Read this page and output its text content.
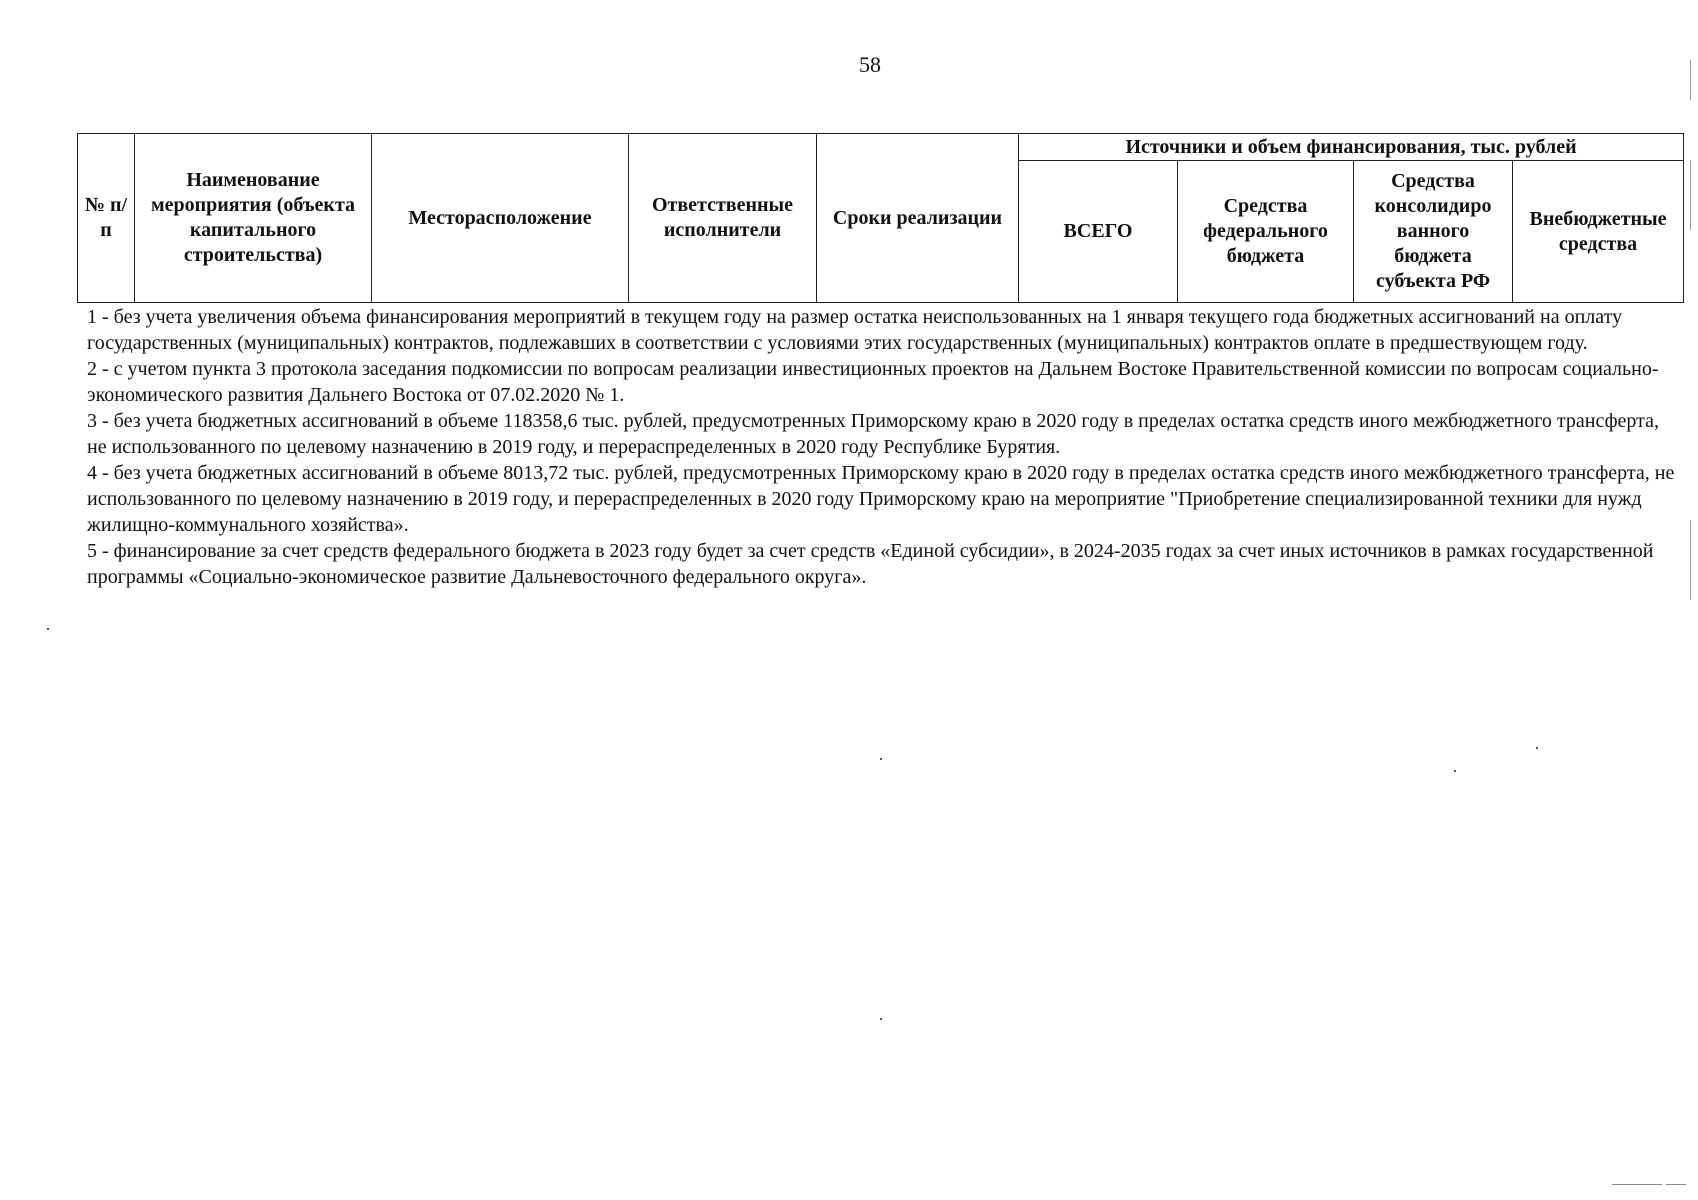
58
№ п/п	Наименование мероприятия (объекта капитального строительства)	Месторасположение	Ответственные исполнители	Сроки реализации	Источники и объем финансирования, тыс. рублей			
					ВСЕГО	Средства федерального бюджета	Средства консолидиро ванного бюджета субъекта РФ	Внебюджетные средства

1 - без учета увеличения объема финансирования мероприятий в текущем году на размер остатка неиспользованных на 1 января текущего года бюджетных ассигнований на оплату государственных (муниципальных) контрактов, подлежавших в соответствии с условиями этих государственных (муниципальных) контрактов оплате в предшествующем году.

2 - с учетом пункта 3 протокола заседания подкомиссии по вопросам реализации инвестиционных проектов на Дальнем Востоке Правительственной комиссии по вопросам социально-экономического развития Дальнего Востока от 07.02.2020 № 1.

3 - без учета бюджетных ассигнований в объеме 118358,6 тыс. рублей, предусмотренных Приморскому краю в 2020 году в пределах остатка средств иного межбюджетного трансферта, не использованного по целевому назначению в 2019 году, и перераспределенных в 2020 году Республике Бурятия.

4 - без учета бюджетных ассигнований в объеме 8013,72 тыс. рублей, предусмотренных Приморскому краю в 2020 году в пределах остатка средств иного межбюджетного трансферта, не использованного по целевому назначению в 2019 году, и перераспределенных в 2020 году Приморскому краю на мероприятие "Приобретение специализированной техники для нужд жилищно-коммунального хозяйства».

5 - финансирование за счет средств федерального бюджета в 2023 году будет за счет средств «Единой субсидии», в 2024-2035 годах за счет иных источников в рамках государственной программы «Социально-экономическое развитие Дальневосточного федерального округа».
